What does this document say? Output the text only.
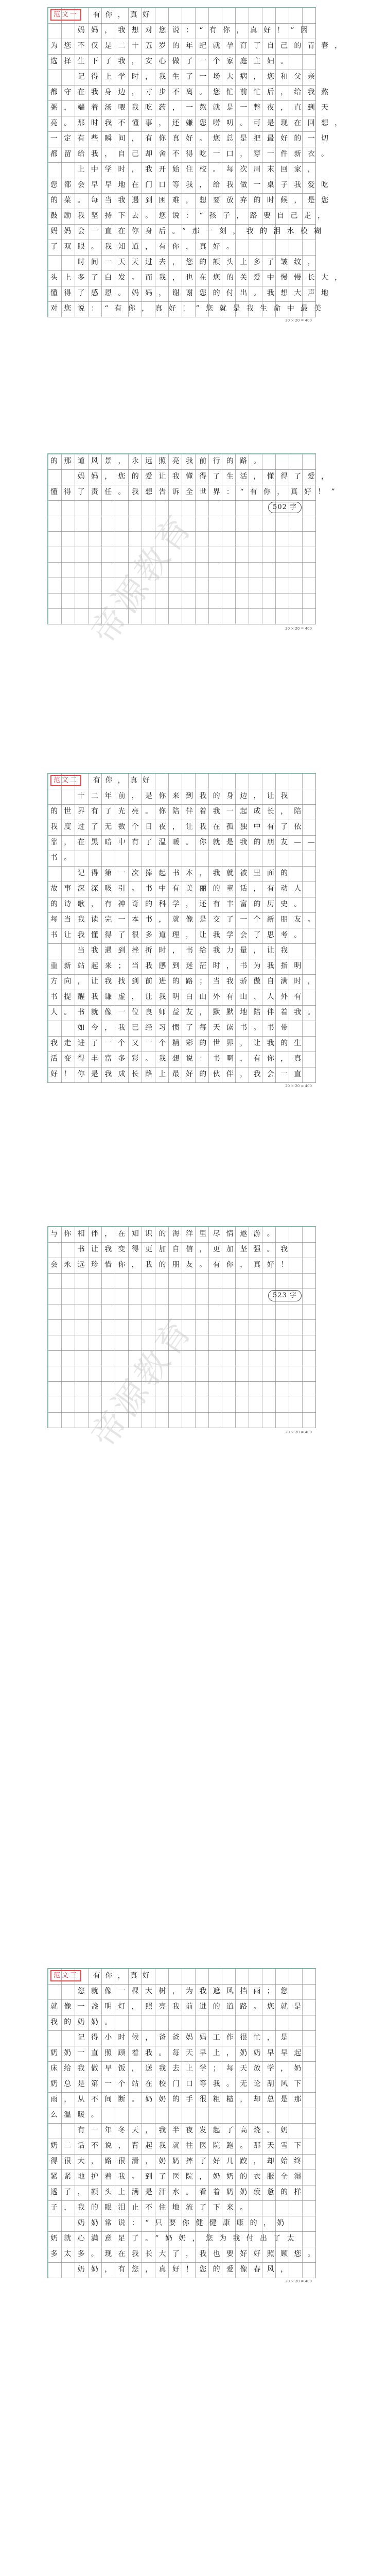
范文一 有你，真好
　　妈妈，我想对您说：“有你，真好！”因
为您不仅是二十五岁的年纪就孕育了自己的青春，
选择生下了我，安心做了一个家庭主妇。
　　记得上学时，我生了一场大病，您和父亲
都守在我身边，寸步不离。您忙前忙后，给我熬
粥，端着汤喂我吃药，一熬就是一整夜，直到天
亮。那时我不懂事，还嫌您唠叨。可是现在回想，
一定有些瞬间，有你真好。您总是把最好的一切
都留给我，自己却舍不得吃一口，穿一件新衣。
　　上中学时，我开始住校。每次周末回家，
您都会早早地在门口等我，给我做一桌子我爱吃
的菜。每当我遇到困难，想要放弃的时候，是您
鼓励我坚持下去。您说：“孩子，路要自己走，
妈妈会一直在你身后。”那一刻，我的泪水模糊
了双眼。我知道，有你，真好。
　　时间一天天过去，您的额头上多了皱纹，
头上多了白发。而我，也在您的关爱中慢慢长大，
懂得了感恩。妈妈，谢谢您的付出。我想大声地
对您说：“有你，真好！”您就是我生命中最美
20 × 20 = 400
的那道风景，永远照亮我前行的路。
　　妈妈，您的爱让我懂得了生活，懂得了爱，
懂得了责任。我想告诉全世界：“有你，真好！”
502 字
20 × 20 = 400
范文二 有你，真好
　　十二年前，是你来到我的身边，让我
的世界有了光亮。你陪伴着我一起成长，陪
我度过了无数个日夜，让我在孤独中有了依
靠，在黑暗中有了温暖。你就是我的朋友——
书。
　　记得第一次捧起书本，我就被里面的
故事深深吸引。书中有美丽的童话，有动人
的诗歌，有神奇的科学，还有丰富的历史。
每当我读完一本书，就像是交了一个新朋友。
书让我懂得了很多道理，让我学会了思考。
　　当我遇到挫折时，书给我力量，让我
重新站起来；当我感到迷茫时，书为我指明
方向，让我找到前进的路；当我骄傲自满时，
书提醒我谦虚，让我明白山外有山、人外有
人。书就像一位良师益友，默默地陪伴着我。
　　如今，我已经习惯了每天读书。书带
我走进了一个又一个精彩的世界，让我的生
活变得丰富多彩。我想说：书啊，有你，真
好！你是我成长路上最好的伙伴，我会一直
20 × 20 = 400
与你相伴，在知识的海洋里尽情遨游。
　　书让我变得更加自信，更加坚强。我
会永远珍惜你，我的朋友。有你，真好！

523 字
20 × 20 = 400
范文三 有你，真好
　　您就像一棵大树，为我遮风挡雨；您
就像一盏明灯，照亮我前进的道路。您就是
我的奶奶。
　　记得小时候，爸爸妈妈工作很忙，是
奶奶一直照顾着我。每天早上，奶奶早早起
床给我做早饭，送我去上学；每天放学，奶
奶总是第一个站在校门口等我。无论刮风下
雨，从不间断。奶奶的手很粗糙，却总是那
么温暖。
　　有一年冬天，我半夜发起了高烧。奶
奶二话不说，背起我就往医院跑。那天雪下
得很大，路很滑，奶奶摔了好几跤，却始终
紧紧地护着我。到了医院，奶奶的衣服全湿
透了，额头上满是汗水。看着奶奶疲惫的样
子，我的眼泪止不住地流了下来。
　　奶奶常说：“只要你健健康康的，奶
奶就心满意足了。”奶奶，您为我付出了太
多太多。现在我长大了，我也要好好照顾您。
　　奶奶，有您，真好！您的爱像春风，
20 × 20 = 400

帝源教育
帝源教育
